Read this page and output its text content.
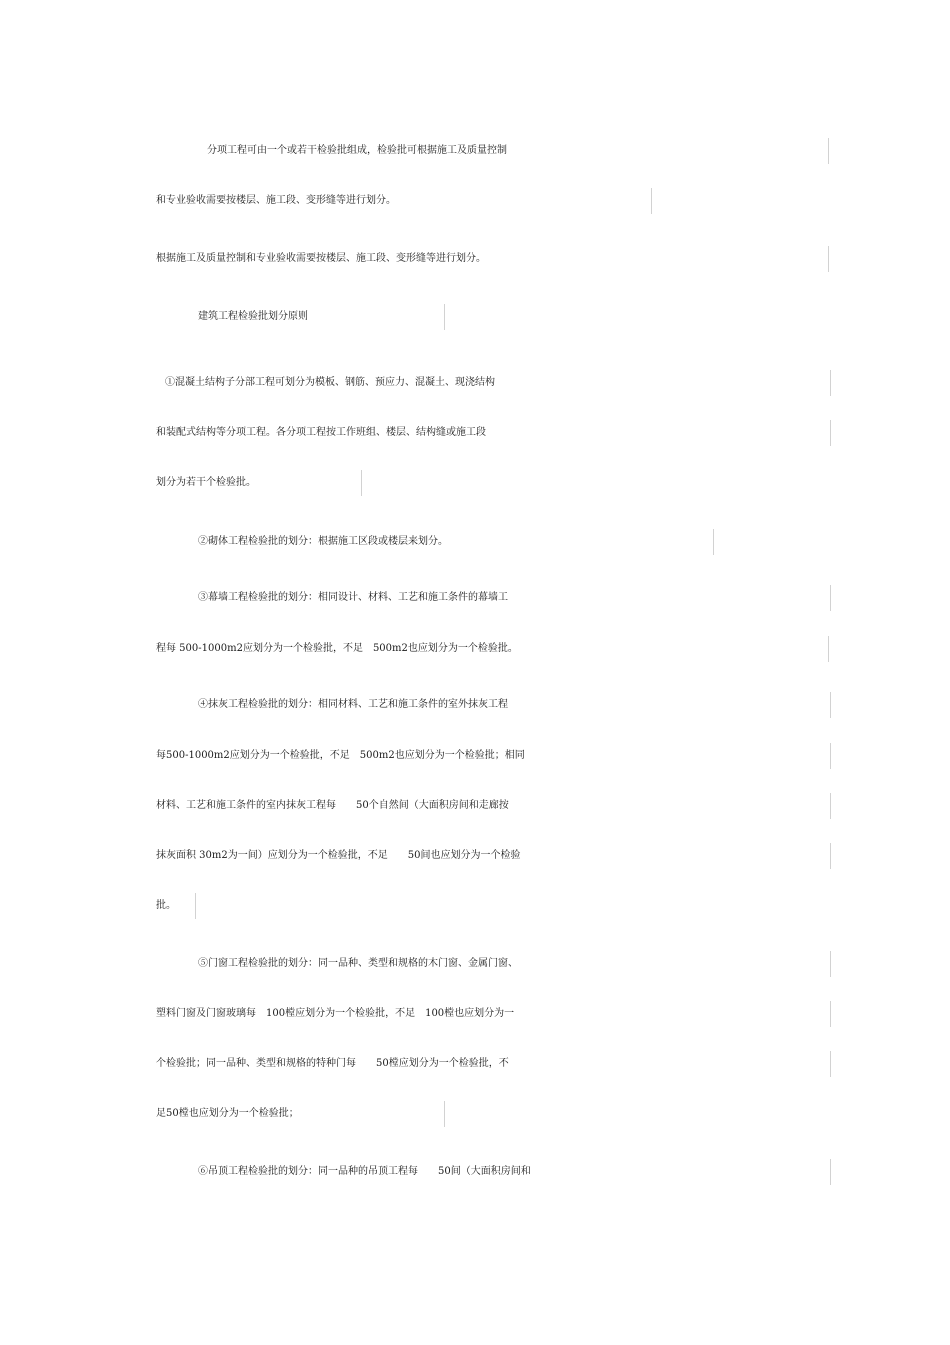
分项工程可由一个或若干检验批组成，检验批可根据施工及质量控制
和专业验收需要按楼层、施工段、变形缝等进行划分。
根据施工及质量控制和专业验收需要按楼层、施工段、变形缝等进行划分。
建筑工程检验批划分原则
①混凝土结构子分部工程可划分为模板、钢筋、预应力、混凝土、现浇结构
和装配式结构等分项工程。各分项工程按工作班组、楼层、结构缝或施工段
划分为若干个检验批。
②砌体工程检验批的划分：根据施工区段或楼层来划分。
③幕墙工程检验批的划分：相同设计、材料、工艺和施工条件的幕墙工
程每 500-1000m2应划分为一个检验批，不足　500m2也应划分为一个检验批。
④抹灰工程检验批的划分：相同材料、工艺和施工条件的室外抹灰工程
每500-1000m2应划分为一个检验批，不足　500m2也应划分为一个检验批；相同
材料、工艺和施工条件的室内抹灰工程每　　50个自然间（大面积房间和走廊按
抹灰面积 30m2为一间）应划分为一个检验批，不足　　50间也应划分为一个检验
批。
⑤门窗工程检验批的划分：同一品种、类型和规格的木门窗、金属门窗、
塑料门窗及门窗玻璃每　100樘应划分为一个检验批，不足　100樘也应划分为一
个检验批；同一品种、类型和规格的特种门每　　50樘应划分为一个检验批，不
足50樘也应划分为一个检验批；
⑥吊顶工程检验批的划分：同一品种的吊顶工程每　　50间（大面积房间和
